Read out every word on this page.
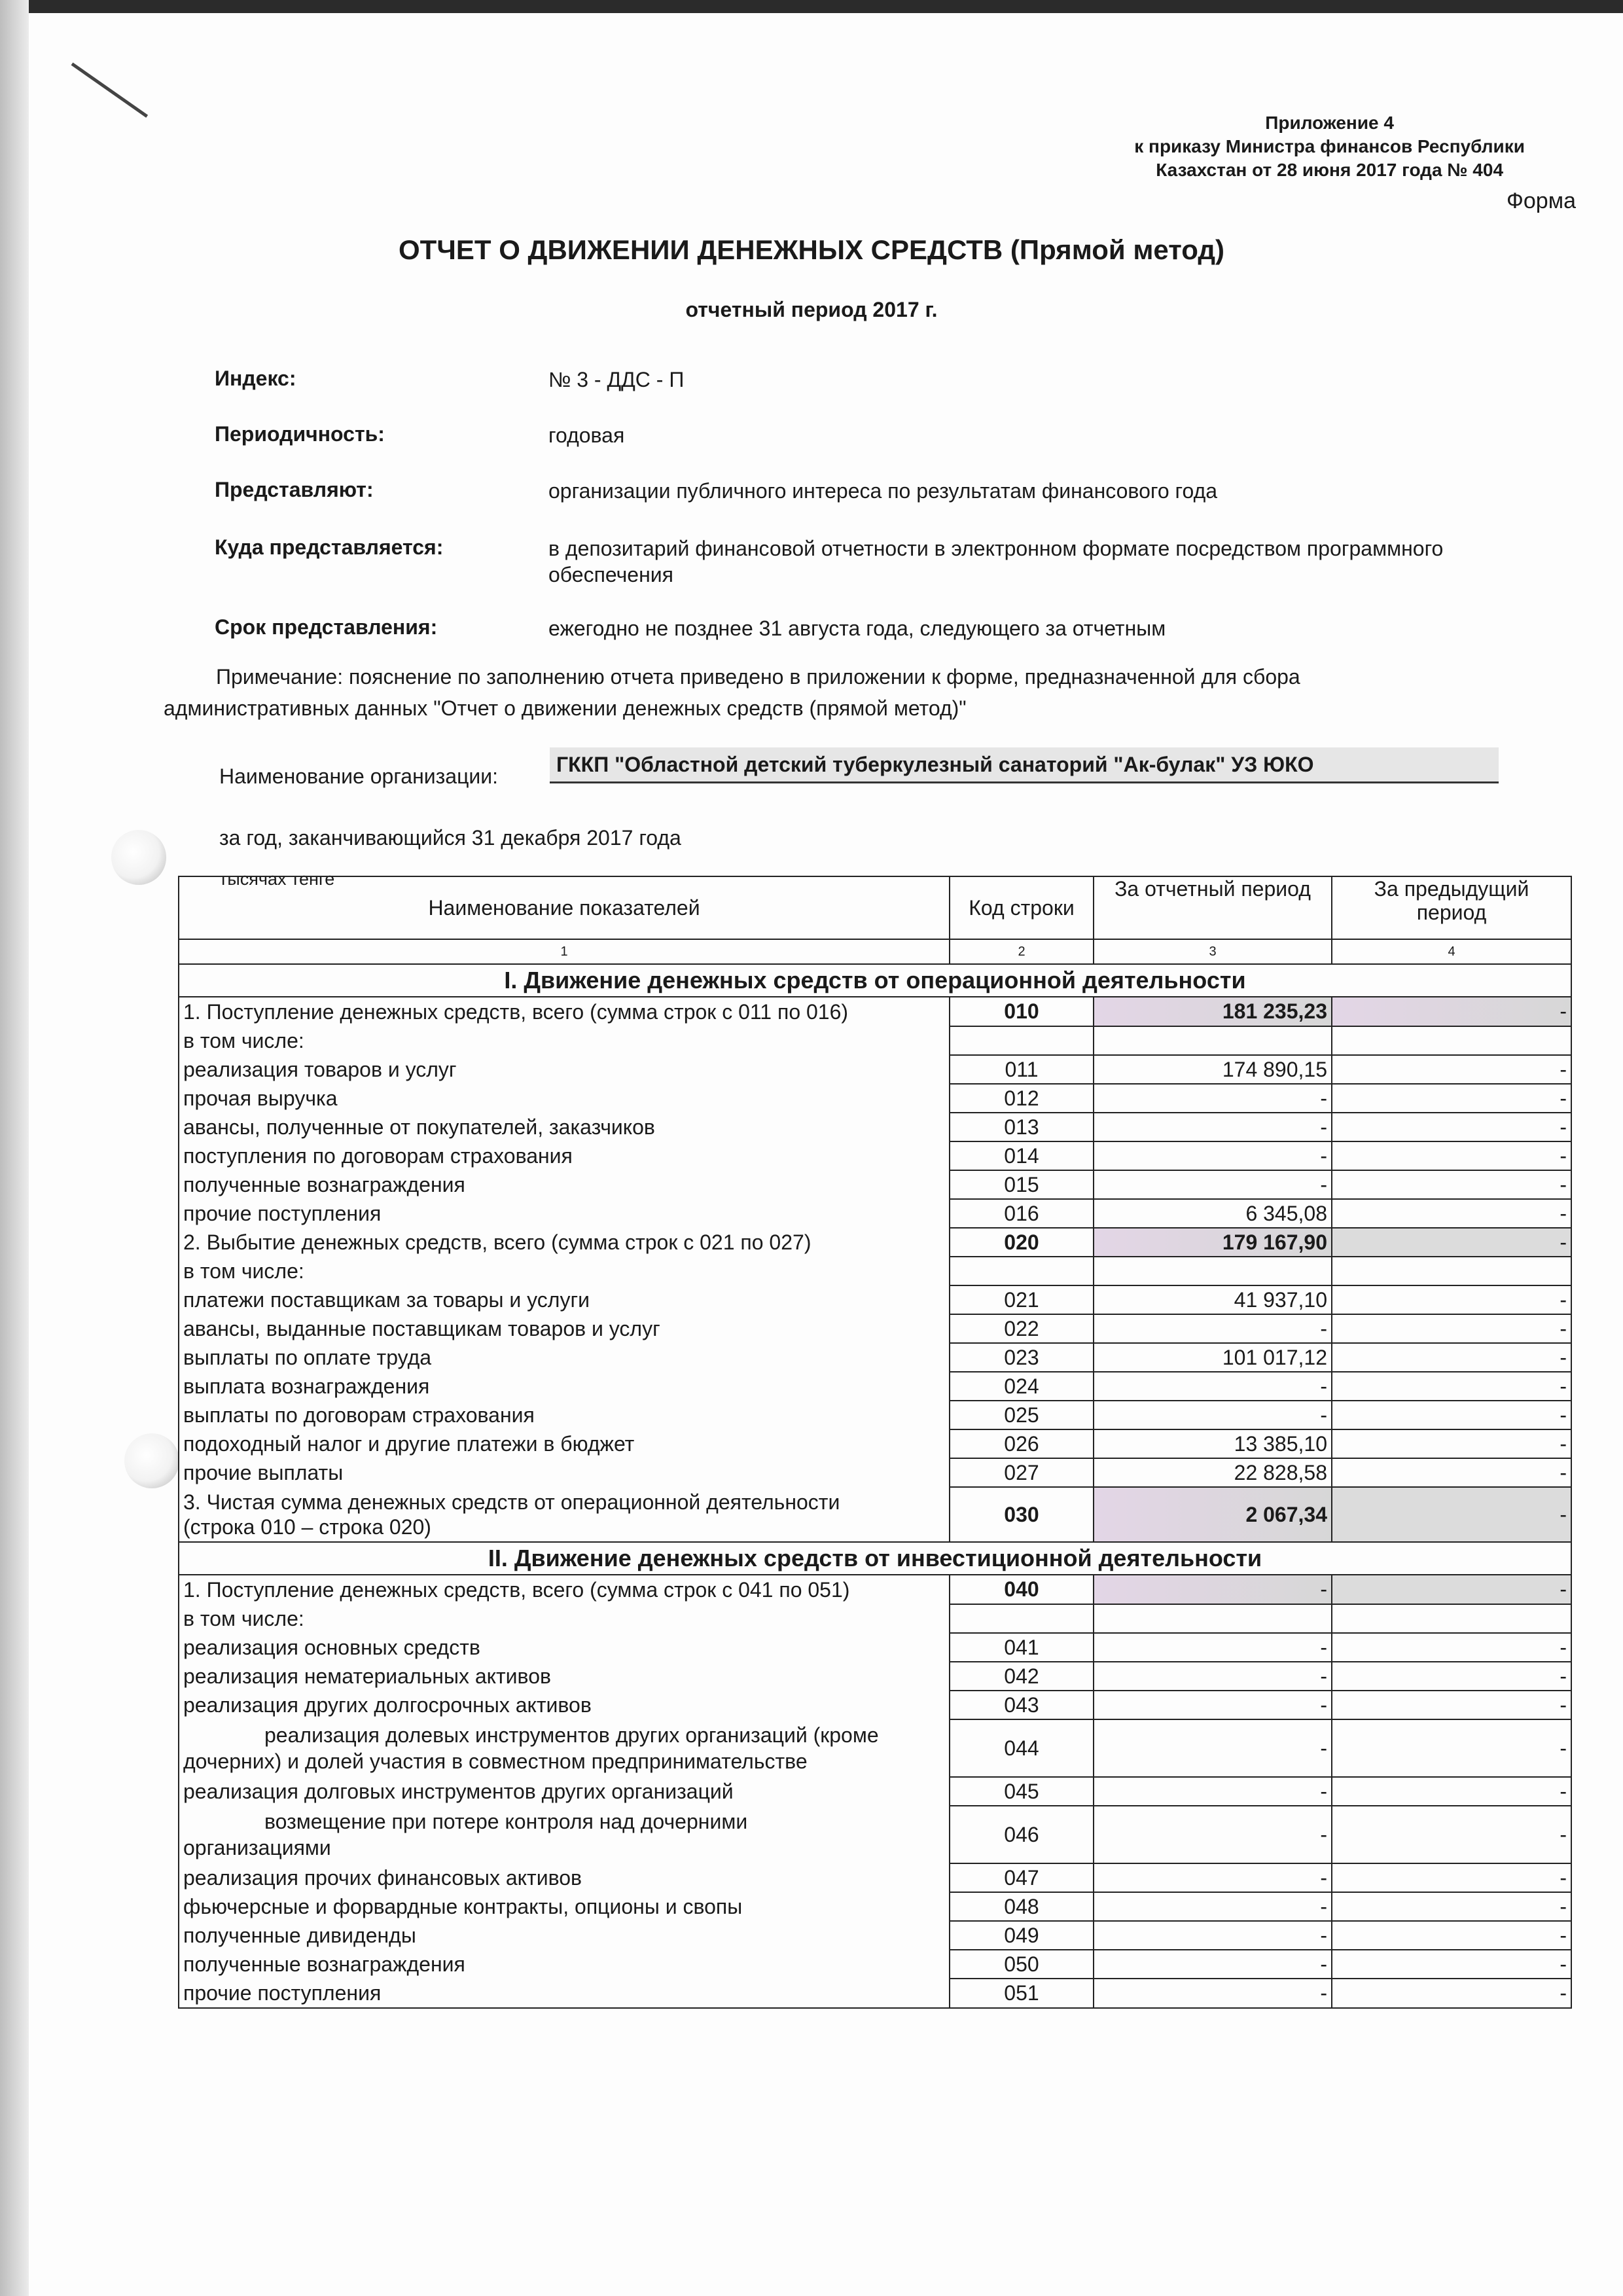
Приложение 4
к приказу Министра финансов Республики
Казахстан от 28 июня 2017 года № 404
Форма
ОТЧЕТ О ДВИЖЕНИИ ДЕНЕЖНЫХ СРЕДСТВ (Прямой метод)
отчетный период 2017 г.
Индекс:	№ 3 - ДДС - П
Периодичность:	годовая
Представляют:	организации публичного интереса по результатам финансового года
Куда представляется:	в депозитарий финансовой отчетности в электронном формате посредством программного обеспечения
Срок представления:	ежегодно не позднее 31 августа года, следующего за отчетным
Примечание: пояснение по заполнению отчета приведено в приложении к форме, предназначенной для сбора
административных данных "Отчет о движении денежных средств (прямой метод)"
Наименование организации:	ГККП "Областной детский туберкулезный санаторий "Ак-булак" УЗ ЮКО
за год, заканчивающийся 31 декабря 2017 года
тысячах тенге
Наименование показателей	Код строки	За отчетный период	За предыдущий период
1	2	3	4
I. Движение денежных средств от операционной деятельности			
1. Поступление денежных средств, всего (сумма строк с 011 по 016)	010	181 235,23	-
в том числе:			
реализация товаров и услуг	011	174 890,15	-
прочая выручка	012	-	-
авансы, полученные от покупателей, заказчиков	013	-	-
поступления по договорам страхования	014	-	-
полученные вознаграждения	015	-	-
прочие поступления	016	6 345,08	-
2. Выбытие денежных средств, всего (сумма строк с 021 по 027)	020	179 167,90	-
в том числе:			
платежи поставщикам за товары и услуги	021	41 937,10	-
авансы, выданные поставщикам товаров и услуг	022	-	-
выплаты по оплате труда	023	101 017,12	-
выплата вознаграждения	024	-	-
выплаты по договорам страхования	025	-	-
подоходный налог и другие платежи в бюджет	026	13 385,10	-
прочие выплаты	027	22 828,58	-

3. Чистая сумма денежных средств от операционной деятельности
(строка 010 – строка 020)	030	2 067,34	-
II. Движение денежных средств от инвестиционной деятельности			
1. Поступление денежных средств, всего (сумма строк с 041 по 051)	040	-	-
в том числе:			
реализация основных средств	041	-	-
реализация нематериальных активов	042	-	-
реализация других долгосрочных активов	043	-	-

реализация долевых инструментов других организаций (кроме
дочерних) и долей участия в совместном предпринимательстве	044	-	-
реализация долговых инструментов других организаций	045	-	-

возмещение при потере контроля над дочерними
организациями	046	-	-
реализация прочих финансовых активов	047	-	-
фьючерсные и форвардные контракты, опционы и свопы	048	-	-
полученные дивиденды	049	-	-
полученные вознаграждения	050	-	-
прочие поступления	051	-	-
